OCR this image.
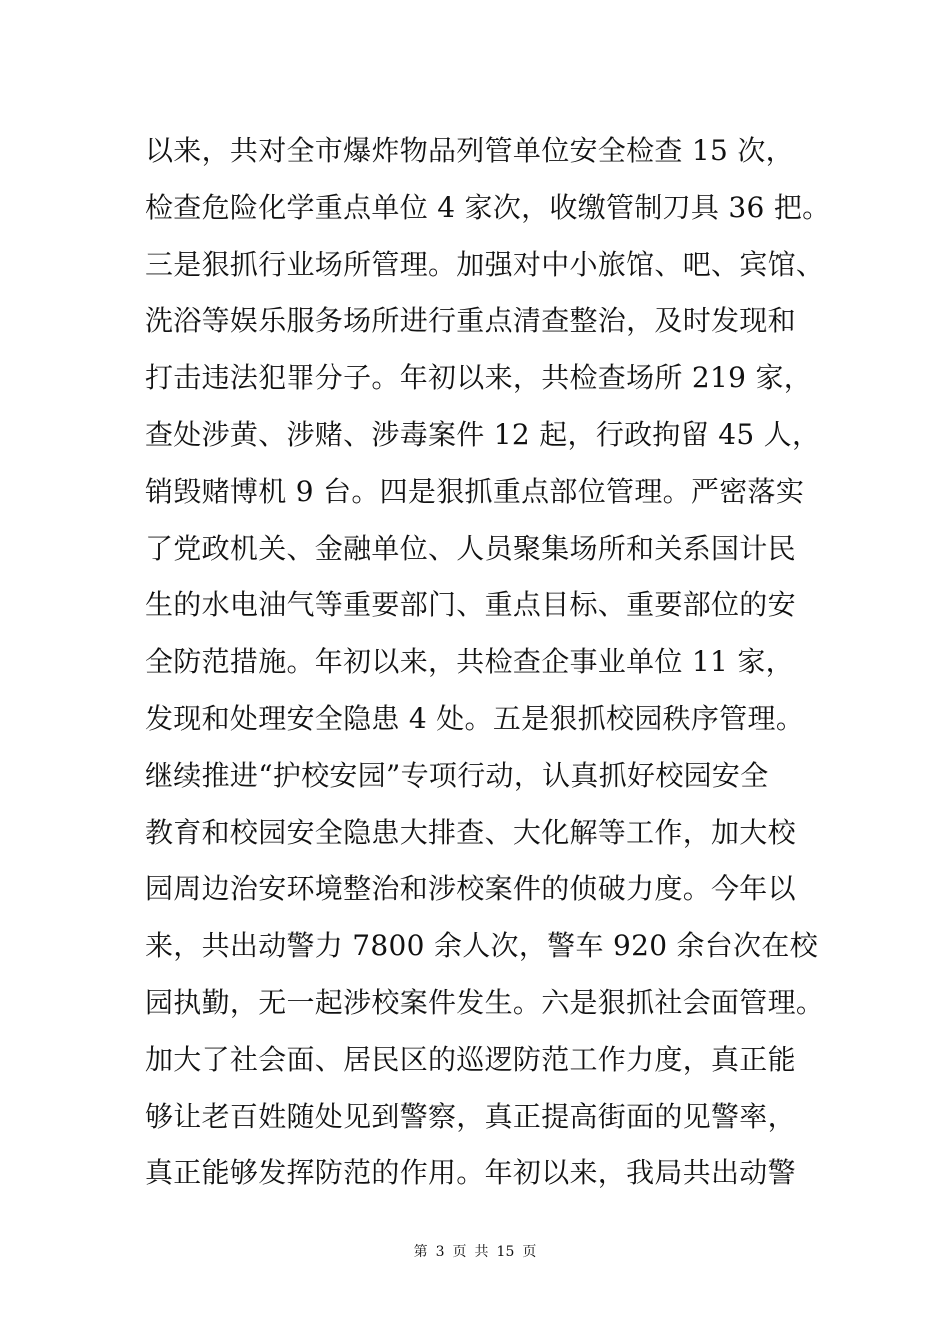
以来，共对全市爆炸物品列管单位安全检查 15 次，
检查危险化学重点单位 4 家次，收缴管制刀具 36 把。
三是狠抓行业场所管理。加强对中小旅馆、吧、宾馆、
洗浴等娱乐服务场所进行重点清查整治，及时发现和
打击违法犯罪分子。年初以来，共检查场所 219 家，
查处涉黄、涉赌、涉毒案件 12 起，行政拘留 45 人，
销毁赌博机 9 台。四是狠抓重点部位管理。严密落实
了党政机关、金融单位、人员聚集场所和关系国计民
生的水电油气等重要部门、重点目标、重要部位的安
全防范措施。年初以来，共检查企事业单位 11 家，
发现和处理安全隐患 4 处。五是狠抓校园秩序管理。
继续推进“护校安园”专项行动，认真抓好校园安全
教育和校园安全隐患大排查、大化解等工作，加大校
园周边治安环境整治和涉校案件的侦破力度。今年以
来，共出动警力 7800 余人次，警车 920 余台次在校
园执勤，无一起涉校案件发生。六是狠抓社会面管理。
加大了社会面、居民区的巡逻防范工作力度，真正能
够让老百姓随处见到警察，真正提高街面的见警率，
真正能够发挥防范的作用。年初以来，我局共出动警
第 3 页 共 15 页
